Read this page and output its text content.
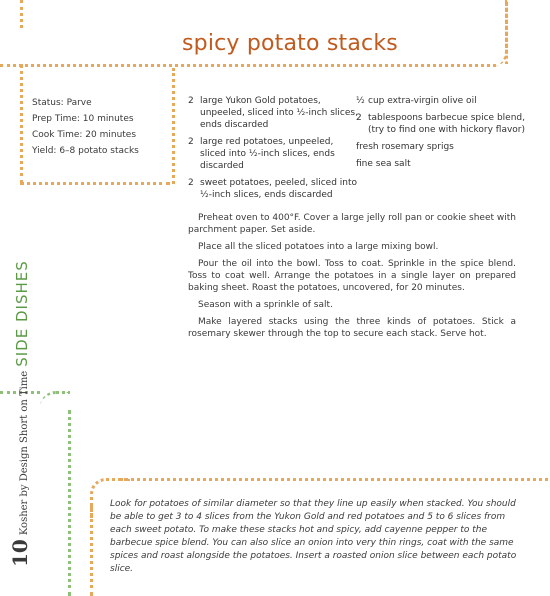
spicy potato stacks
Status: Parve
Prep Time: 10 minutes
Cook Time: 20 minutes
Yield: 6–8 potato stacks
2 large Yukon Gold potatoes,
unpeeled, sliced into ½-inch slices,
ends discarded
2 large red potatoes, unpeeled,
sliced into ½-inch slices, ends
discarded
2 sweet potatoes, peeled, sliced into
½-inch slices, ends discarded
½ cup extra-virgin olive oil
2 tablespoons barbecue spice blend,
(try to find one with hickory flavor)
fresh rosemary sprigs
fine sea salt

Preheat oven to 400°F. Cover a large jelly roll pan or cookie sheet with parchment paper. Set aside.

Place all the sliced potatoes into a large mixing bowl.

Pour the oil into the bowl. Toss to coat. Sprinkle in the spice blend. Toss to coat well. Arrange the potatoes in a single layer on prepared baking sheet. Roast the potatoes, uncovered, for 20 minutes.

Season with a sprinkle of salt.

Make layered stacks using the three kinds of potatoes. Stick a rosemary skewer through the top to secure each stack. Serve hot.

Look for potatoes of similar diameter so that they line up easily when stacked. You should be able to get 3 to 4 slices from the Yukon Gold and red potatoes and 5 to 6 slices from each sweet potato. To make these stacks hot and spicy, add cayenne pepper to the barbecue spice blend. You can also slice an onion into very thin rings, coat with the same spices and roast alongside the potatoes. Insert a roasted onion slice between each potato slice.
10Kosher by Design Short on TimeSIDE DISHES
